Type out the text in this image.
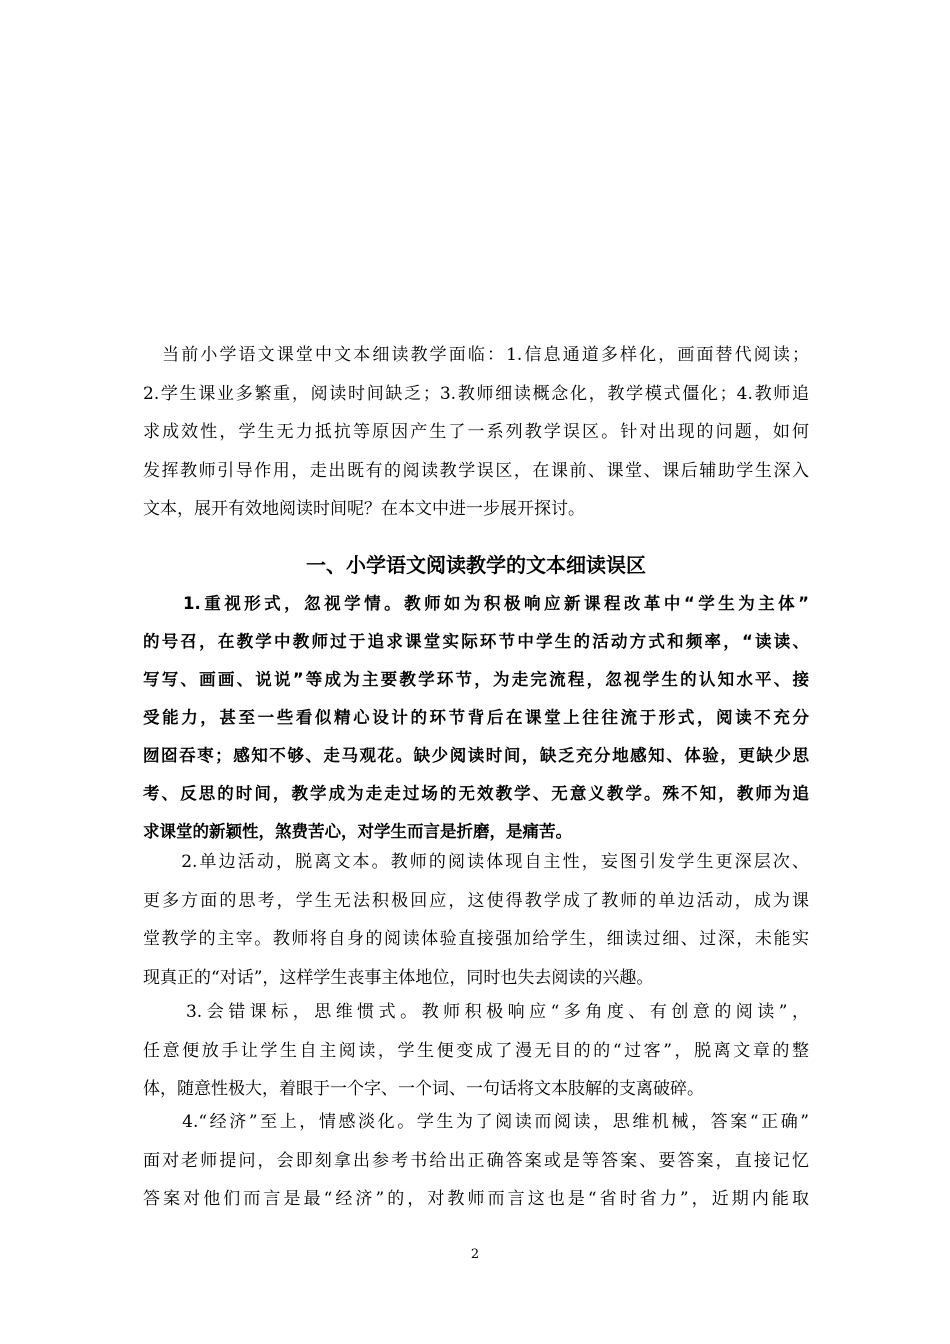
　当前小学语文课堂中文本细读教学面临：1.信息通道多样化，画面替代阅读；
2.学生课业多繁重，阅读时间缺乏；3.教师细读概念化，教学模式僵化；4.教师追
求成效性，学生无力抵抗等原因产生了一系列教学误区。针对出现的问题，如何
发挥教师引导作用，走出既有的阅读教学误区，在课前、课堂、课后辅助学生深入
文本，展开有效地阅读时间呢？在本文中进一步展开探讨。

一、小学语文阅读教学的文本细读误区

　　1.重视形式，忽视学情。教师如为积极响应新课程改革中“学生为主体”
的号召，在教学中教师过于追求课堂实际环节中学生的活动方式和频率，“读读、
写写、画画、说说”等成为主要教学环节，为走完流程，忽视学生的认知水平、接
受能力，甚至一些看似精心设计的环节背后在课堂上往往流于形式，阅读不充分
囫囵吞枣；感知不够、走马观花。缺少阅读时间，缺乏充分地感知、体验，更缺少思
考、反思的时间，教学成为走走过场的无效教学、无意义教学。殊不知，教师为追
求课堂的新颖性，煞费苦心，对学生而言是折磨，是痛苦。

　　2.单边活动，脱离文本。教师的阅读体现自主性，妄图引发学生更深层次、
更多方面的思考，学生无法积极回应，这使得教学成了教师的单边活动，成为课
堂教学的主宰。教师将自身的阅读体验直接强加给学生，细读过细、过深，未能实
现真正的“对话”，这样学生丧事主体地位，同时也失去阅读的兴趣。

　　3.会错课标，思维惯式。教师积极响应“多角度、有创意的阅读”，
任意便放手让学生自主阅读，学生便变成了漫无目的的“过客”，脱离文章的整
体，随意性极大，着眼于一个字、一个词、一句话将文本肢解的支离破碎。

　　4.“经济”至上，情感淡化。学生为了阅读而阅读，思维机械，答案“正确”
面对老师提问，会即刻拿出参考书给出正确答案或是等答案、要答案，直接记忆
答案对他们而言是最“经济”的，对教师而言这也是“省时省力”，近期内能取

2
